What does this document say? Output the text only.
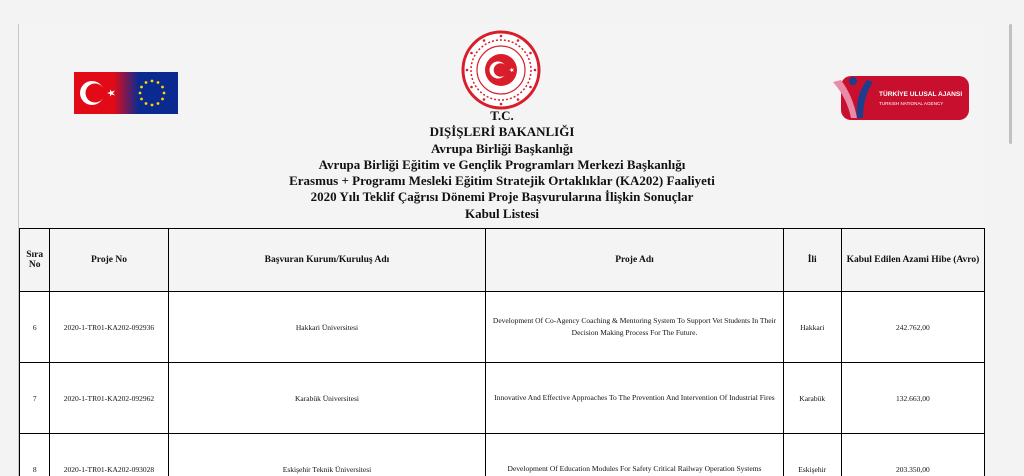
TÜRKİYE ULUSAL AJANSI
TURKISH NATIONAL AGENCY
T.C.
DIŞİŞLERİ BAKANLIĞI
Avrupa Birliği Başkanlığı
Avrupa Birliği Eğitim ve Gençlik Programları Merkezi Başkanlığı
Erasmus + Programı Mesleki Eğitim Stratejik Ortaklıklar (KA202) Faaliyeti
2020 Yılı Teklif Çağrısı Dönemi Proje Başvurularına İlişkin Sonuçlar
Kabul Listesi
Sıra No	Proje No	Başvuran Kurum/Kuruluş Adı	Proje Adı	İli	Kabul Edilen Azami Hibe (Avro)
6	2020-1-TR01-KA202-092936	Hakkari Üniversitesi	Development Of Co-Agency Coaching & Mentoring System To Support Vet Students In Their Decision Making Process For The Future.	Hakkari	242.762,00
7	2020-1-TR01-KA202-092962	Karabük Üniversitesi	Innovative And Effective Approaches To The Prevention And Intervention Of Industrial Fires	Karabük	132.663,00
8	2020-1-TR01-KA202-093028	Eskişehir Teknik Üniversitesi	Development Of Education Modules For Safety Critical Railway Operation Systems	Eskişehir	203.350,00
